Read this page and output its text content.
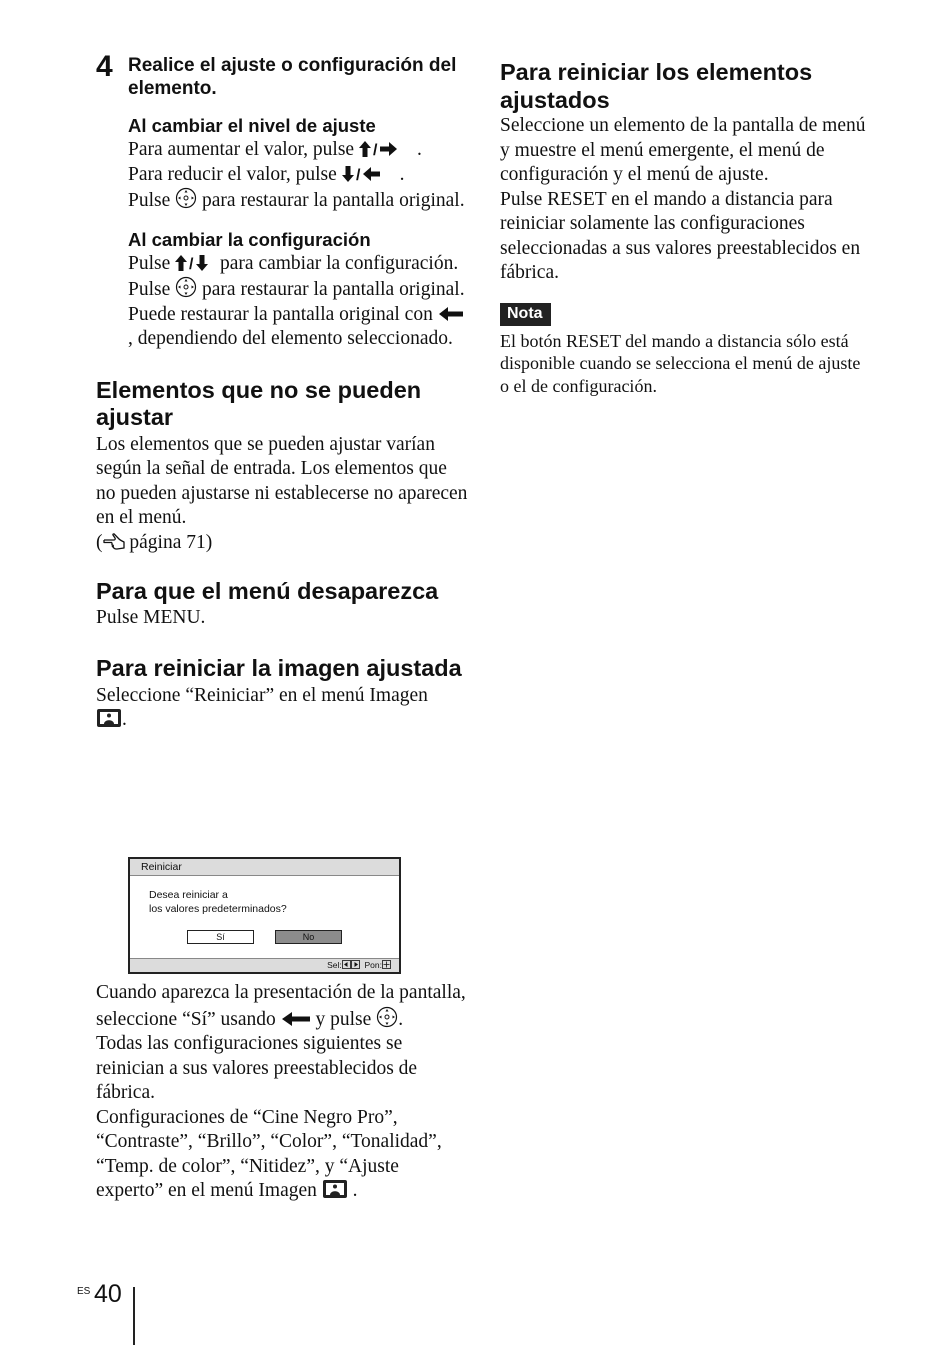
4 Realice el ajuste o configuración del elemento.
Al cambiar el nivel de ajuste
Para aumentar el valor, pulse / .
Para reducir el valor, pulse / .
Pulse  para restaurar la pantalla original.
Al cambiar la configuración
Pulse / para cambiar la configuración.
Pulse  para restaurar la pantalla original.
Puede restaurar la pantalla original con , dependiendo del elemento seleccionado.
Elementos que no se pueden ajustar
Los elementos que se pueden ajustar varían según la señal de entrada. Los elementos que no pueden ajustarse ni establecerse no aparecen en el menú.
( página 71)
Para que el menú desaparezca
Pulse MENU.
Para reiniciar la imagen ajustada
Seleccione “Reiniciar” en el menú Imagen
.
Reiniciar
Desea reiniciar a
los valores predeterminados?
Sí	No
Sel:	Pon:
Cuando aparezca la presentación de la pantalla, seleccione “Sí” usando  y pulse .
Todas las configuraciones siguientes se reinician a sus valores preestablecidos de fábrica.
Configuraciones de “Cine Negro Pro”, “Contraste”, “Brillo”, “Color”, “Tonalidad”, “Temp. de color”, “Nitidez”, y “Ajuste experto” en el menú Imagen .
Para reiniciar los elementos ajustados
Seleccione un elemento de la pantalla de menú y muestre el menú emergente, el menú de configuración y el menú de ajuste.
Pulse RESET en el mando a distancia para reiniciar solamente las configuraciones seleccionadas a sus valores preestablecidos en fábrica.
Nota
El botón RESET del mando a distancia sólo está disponible cuando se selecciona el menú de ajuste o el de configuración.
ES 40
